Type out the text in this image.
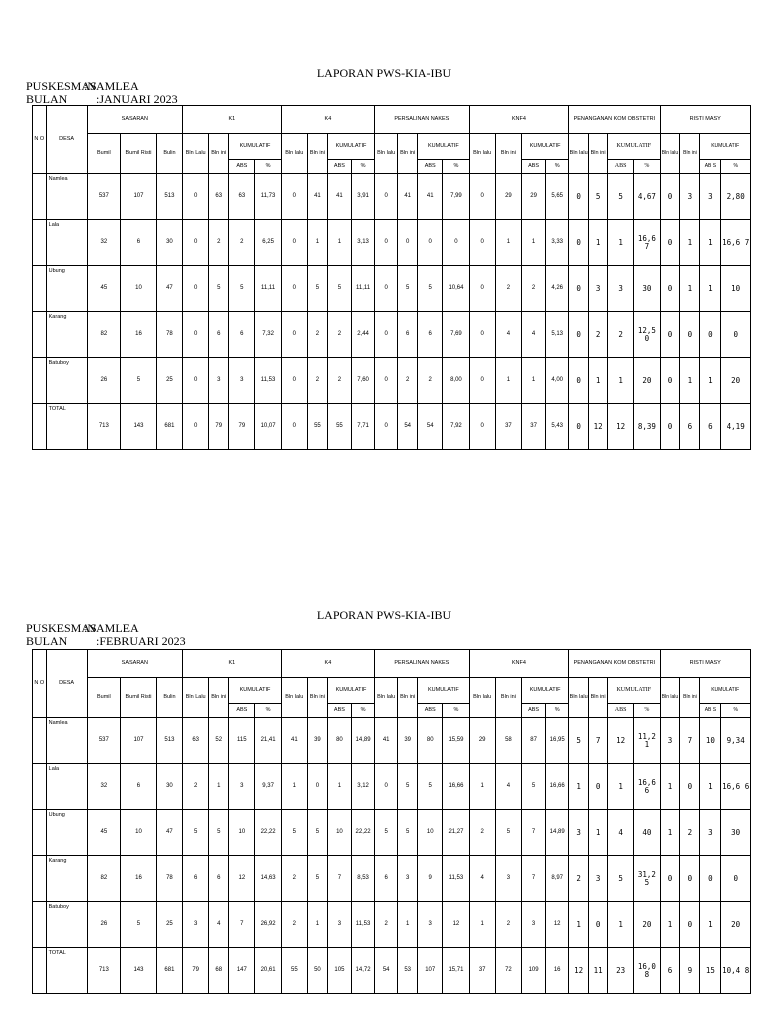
LAPORAN PWS-KIA-IBU
PUSKESMAS:NAMLEA
BULAN :JANUARI 2023
N O	DESA	SASARAN			K1				K4				PERSALINAN NAKES				KNF4				PENANGANAN KOM OBSTETRI				RISTI MASY			
		Bumil	Bumil Risti	Bulin	Bln Lalu	Bln ini	KUMULATIF		Bln lalu	Bln ini	KUMULATIF		Bln lalu	Bln ini	KUMULATIF		Bln lalu	Bln ini	KUMULATIF		Bln lalu	Bln ini	KUMULATIF		Bln lalu	Bln ini	KUMULATIF	
							ABS	%			ABS	%			ABS	%			ABS	%			ABS	%			AB S	%
	Namlea	537	107	513	0	63	63	11,73	0	41	41	3,91	0	41	41	7,99	0	29	29	5,65	0	5	5	4,67	0	3	3	2,80
	Lala	32	6	30	0	2	2	6,25	0	1	1	3,13	0	0	0	0	0	1	1	3,33	0	1	1	16,6 7	0	1	1	16,6 7
	Ubung	45	10	47	0	5	5	11,11	0	5	5	11,11	0	5	5	10,64	0	2	2	4,26	0	3	3	30	0	1	1	10
	Karang	82	16	78	0	6	6	7,32	0	2	2	2,44	0	6	6	7,69	0	4	4	5,13	0	2	2	12,5 0	0	0	0	0
	Batuboy	26	5	25	0	3	3	11,53	0	2	2	7,60	0	2	2	8,00	0	1	1	4,00	0	1	1	20	0	1	1	20
	TOTAL	713	143	681	0	79	79	10,07	0	55	55	7,71	0	54	54	7,92	0	37	37	5,43	0	12	12	8,39	0	6	6	4,19
LAPORAN PWS-KIA-IBU
PUSKESMAS:NAMLEA
BULAN :FEBRUARI 2023
N O	DESA	SASARAN			K1				K4				PERSALINAN NAKES				KNF4				PENANGANAN KOM OBSTETRI				RISTI MASY			
		Bumil	Bumil Risti	Bulin	Bln Lalu	Bln ini	KUMULATIF		Bln lalu	Bln ini	KUMULATIF		Bln lalu	Bln ini	KUMULATIF		Bln lalu	Bln ini	KUMULATIF		Bln lalu	Bln ini	KUMULATIF		Bln lalu	Bln ini	KUMULATIF	
							ABS	%			ABS	%			ABS	%			ABS	%			ABS	%			AB S	%
	Namlea	537	107	513	63	52	115	21,41	41	39	80	14,89	41	39	80	15,59	29	58	87	16,95	5	7	12	11,2 1	3	7	10	9,34
	Lala	32	6	30	2	1	3	9,37	1	0	1	3,12	0	5	5	16,66	1	4	5	16,66	1	0	1	16,6 6	1	0	1	16,6 6
	Ubung	45	10	47	5	5	10	22,22	5	5	10	22,22	5	5	10	21,27	2	5	7	14,89	3	1	4	40	1	2	3	30
	Karang	82	16	78	6	6	12	14,63	2	5	7	8,53	6	3	9	11,53	4	3	7	8,97	2	3	5	31,2 5	0	0	0	0
	Batuboy	26	5	25	3	4	7	26,92	2	1	3	11,53	2	1	3	12	1	2	3	12	1	0	1	20	1	0	1	20
	TOTAL	713	143	681	79	68	147	20,61	55	50	105	14,72	54	53	107	15,71	37	72	109	16	12	11	23	16,0 8	6	9	15	10,4 8
